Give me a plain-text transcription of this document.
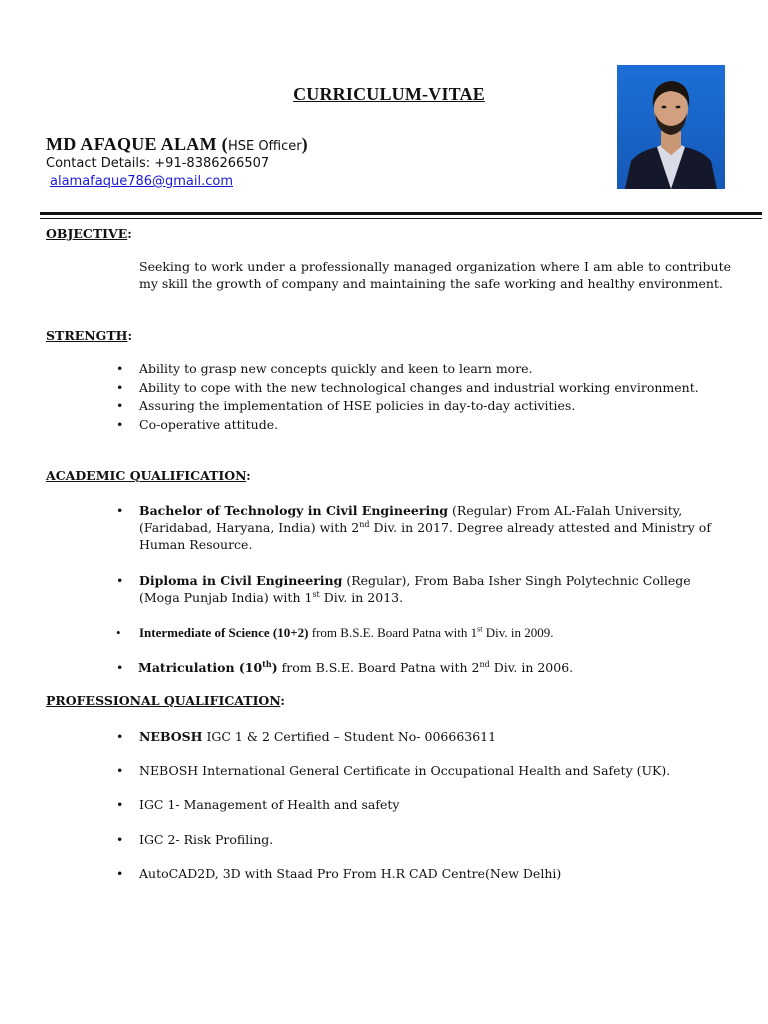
CURRICULUM-VITAE
MD AFAQUE ALAM (HSE Officer)
Contact Details: +91-8386266507
alamafaque786@gmail.com
OBJECTIVE:
Seeking to work under a professionally managed organization where I am able to contribute my skill the growth of company and maintaining the safe working and healthy environment.
STRENGTH:
• Ability to grasp new concepts quickly and keen to learn more.
• Ability to cope with the new technological changes and industrial working environment.
• Assuring the implementation of HSE policies in day-to-day activities.
• Co-operative attitude.
ACADEMIC QUALIFICATION:
• Bachelor of Technology in Civil Engineering (Regular) From AL-Falah University, (Faridabad, Haryana, India) with 2nd Div. in 2017. Degree already attested and Ministry of Human Resource.
• Diploma in Civil Engineering (Regular), From Baba Isher Singh Polytechnic College (Moga Punjab India) with 1st Div. in 2013.
• Intermediate of Science (10+2) from B.S.E. Board Patna with 1st Div. in 2009.
• Matriculation (10th) from B.S.E. Board Patna with 2nd Div. in 2006.
PROFESSIONAL QUALIFICATION:
• NEBOSH IGC 1 & 2 Certified – Student No- 006663611
• NEBOSH International General Certificate in Occupational Health and Safety (UK).
• IGC 1- Management of Health and safety
• IGC 2- Risk Profiling.
• AutoCAD2D, 3D with Staad Pro From H.R CAD Centre(New Delhi)
